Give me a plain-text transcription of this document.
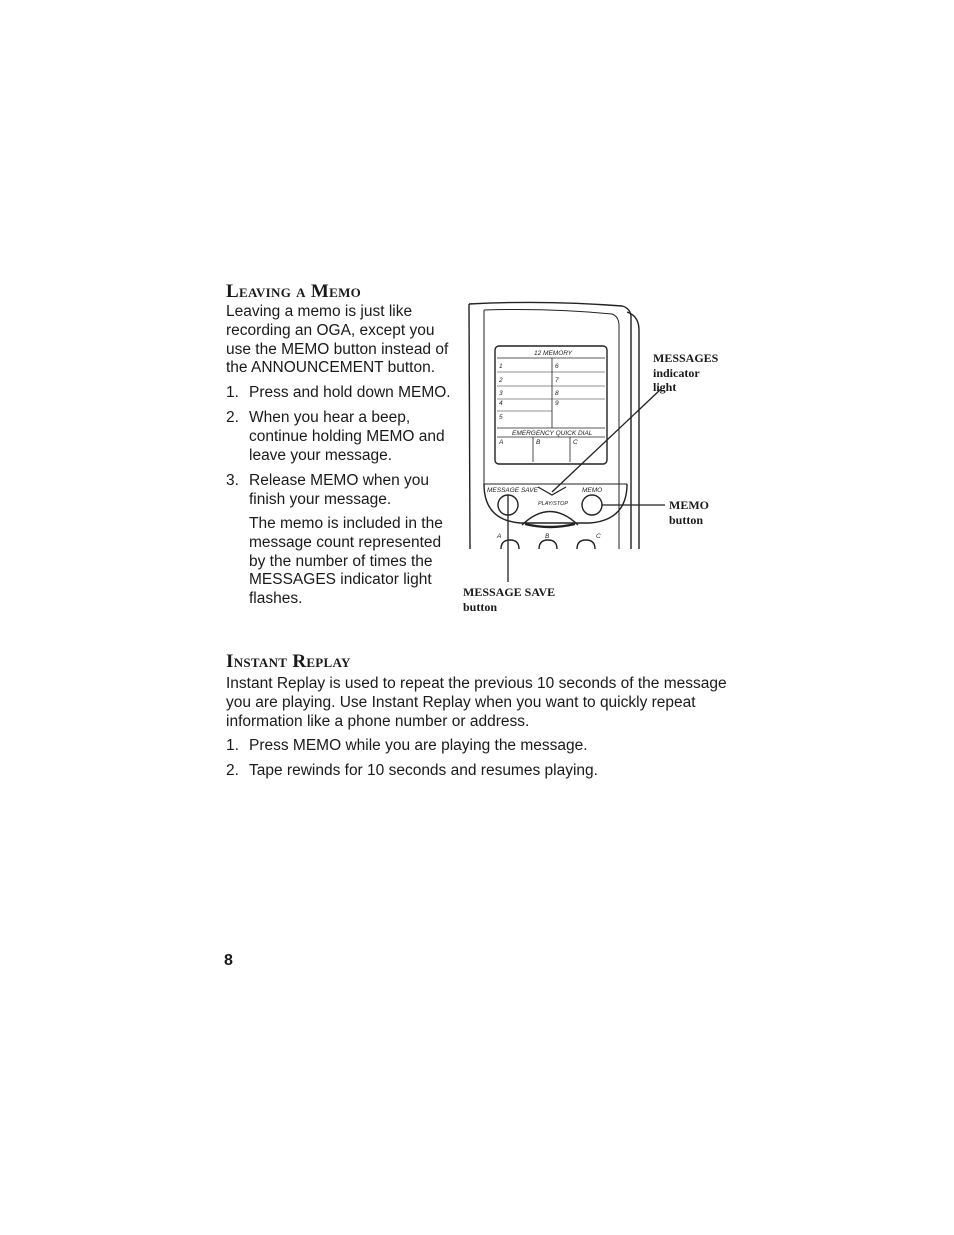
Leaving a Memo

Leaving a memo is just like
recording an OGA, except you
use the MEMO button instead of
the ANNOUNCEMENT button.

1. Press and hold down MEMO.
2. When you hear a beep,
continue holding MEMO and
leave your message.
3. Release MEMO when you
finish your message.

The memo is included in the
message count represented
by the number of times the
MESSAGES indicator light
flashes.

12 MEMORY
1
2
3
4
5
6
7
8
9
EMERGENCY QUICK DIAL
A	B	C
MESSAGE SAVE	MEMO
PLAY/STOP
A	B	C
MESSAGES
indicator
light
MEMO
button
MESSAGE SAVE
button
Instant Replay

Instant Replay is used to repeat the previous 10 seconds of the message
you are playing. Use Instant Replay when you want to quickly repeat
information like a phone number or address.

1. Press MEMO while you are playing the message.
2. Tape rewinds for 10 seconds and resumes playing.
8
